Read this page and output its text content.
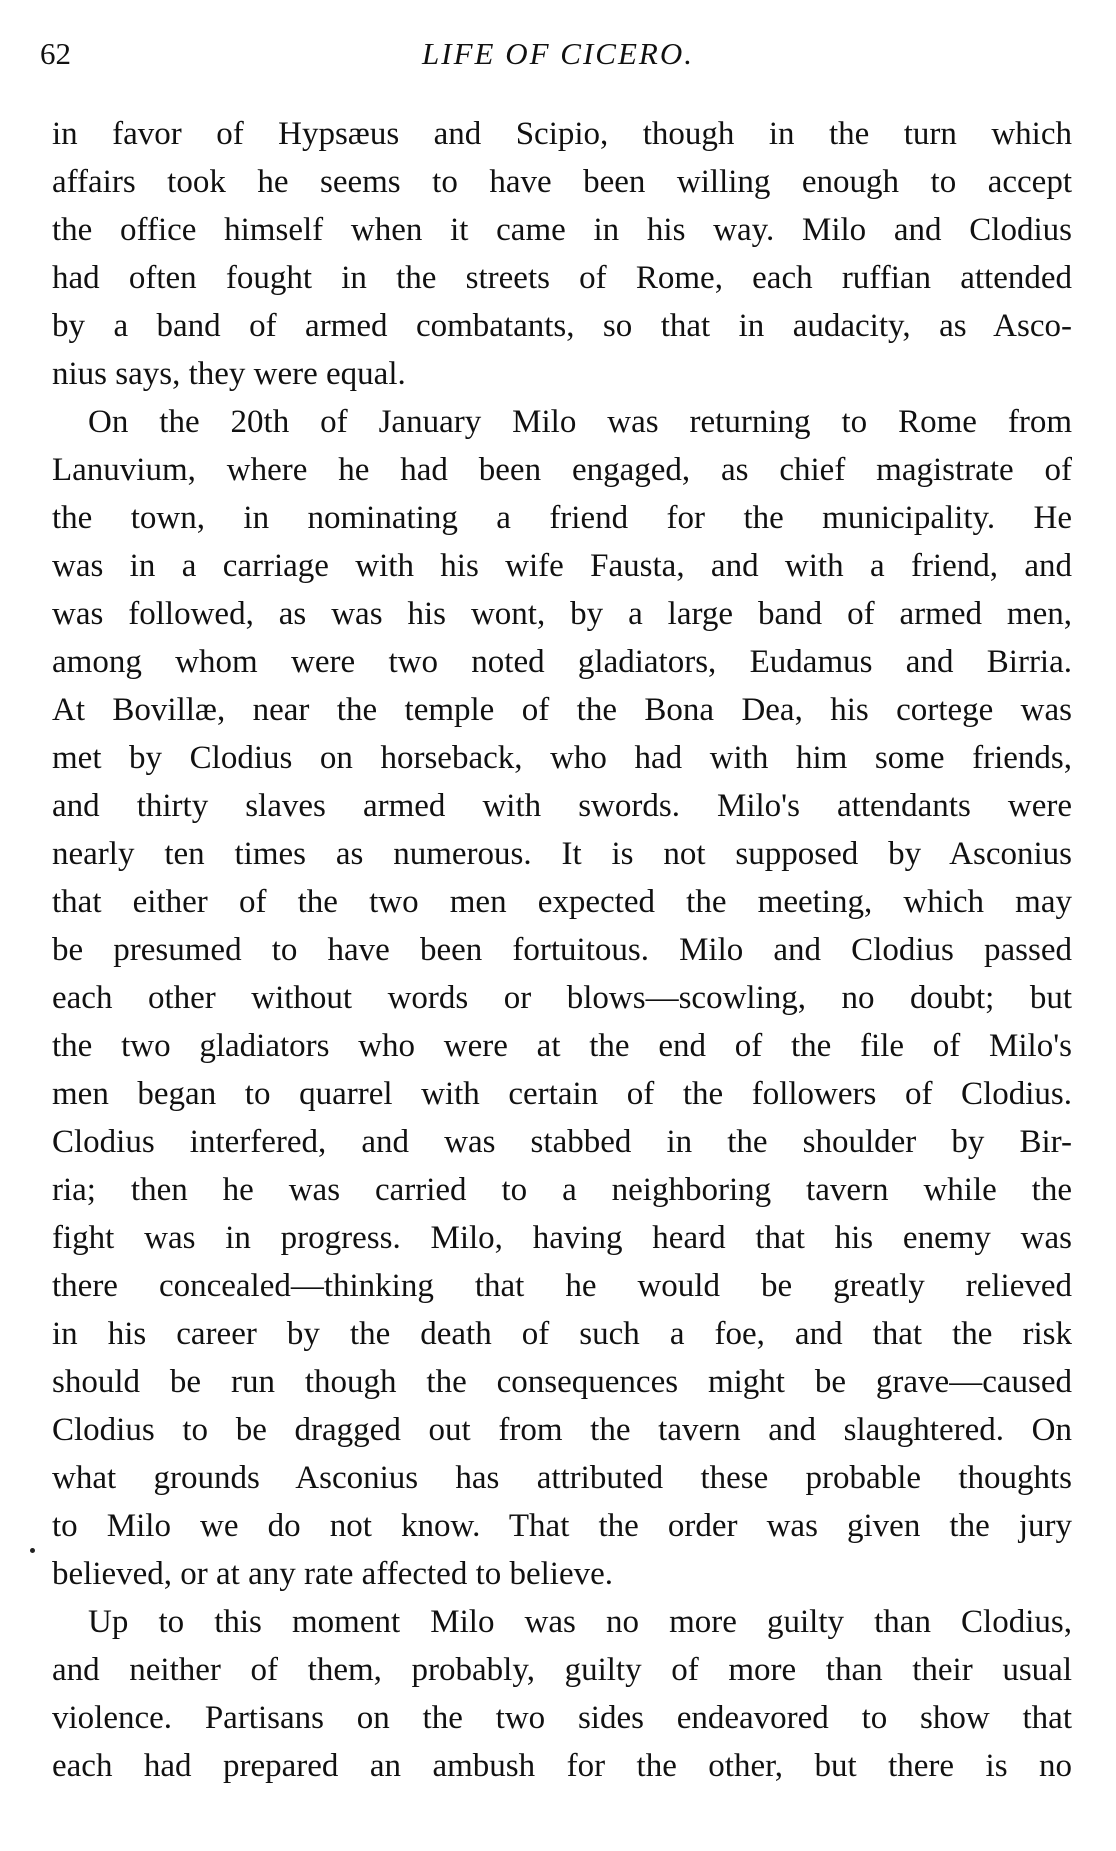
62	LIFE OF CICERO.
in favor of Hypsæus and Scipio, though in the turn which
affairs took he seems to have been willing enough to accept
the office himself when it came in his way. Milo and Clodius
had often fought in the streets of Rome, each ruffian attended
by a band of armed combatants, so that in audacity, as Asco-
nius says, they were equal.
On the 20th of January Milo was returning to Rome from
Lanuvium, where he had been engaged, as chief magistrate of
the town, in nominating a friend for the municipality. He
was in a carriage with his wife Fausta, and with a friend, and
was followed, as was his wont, by a large band of armed men,
among whom were two noted gladiators, Eudamus and Birria.
At Bovillæ, near the temple of the Bona Dea, his cortege was
met by Clodius on horseback, who had with him some friends,
and thirty slaves armed with swords. Milo's attendants were
nearly ten times as numerous. It is not supposed by Asconius
that either of the two men expected the meeting, which may
be presumed to have been fortuitous. Milo and Clodius passed
each other without words or blows—scowling, no doubt; but
the two gladiators who were at the end of the file of Milo's
men began to quarrel with certain of the followers of Clodius.
Clodius interfered, and was stabbed in the shoulder by Bir-
ria; then he was carried to a neighboring tavern while the
fight was in progress. Milo, having heard that his enemy was
there concealed—thinking that he would be greatly relieved
in his career by the death of such a foe, and that the risk
should be run though the consequences might be grave—caused
Clodius to be dragged out from the tavern and slaughtered. On
what grounds Asconius has attributed these probable thoughts
to Milo we do not know. That the order was given the jury
believed, or at any rate affected to believe.
Up to this moment Milo was no more guilty than Clodius,
and neither of them, probably, guilty of more than their usual
violence. Partisans on the two sides endeavored to show that
each had prepared an ambush for the other, but there is no
